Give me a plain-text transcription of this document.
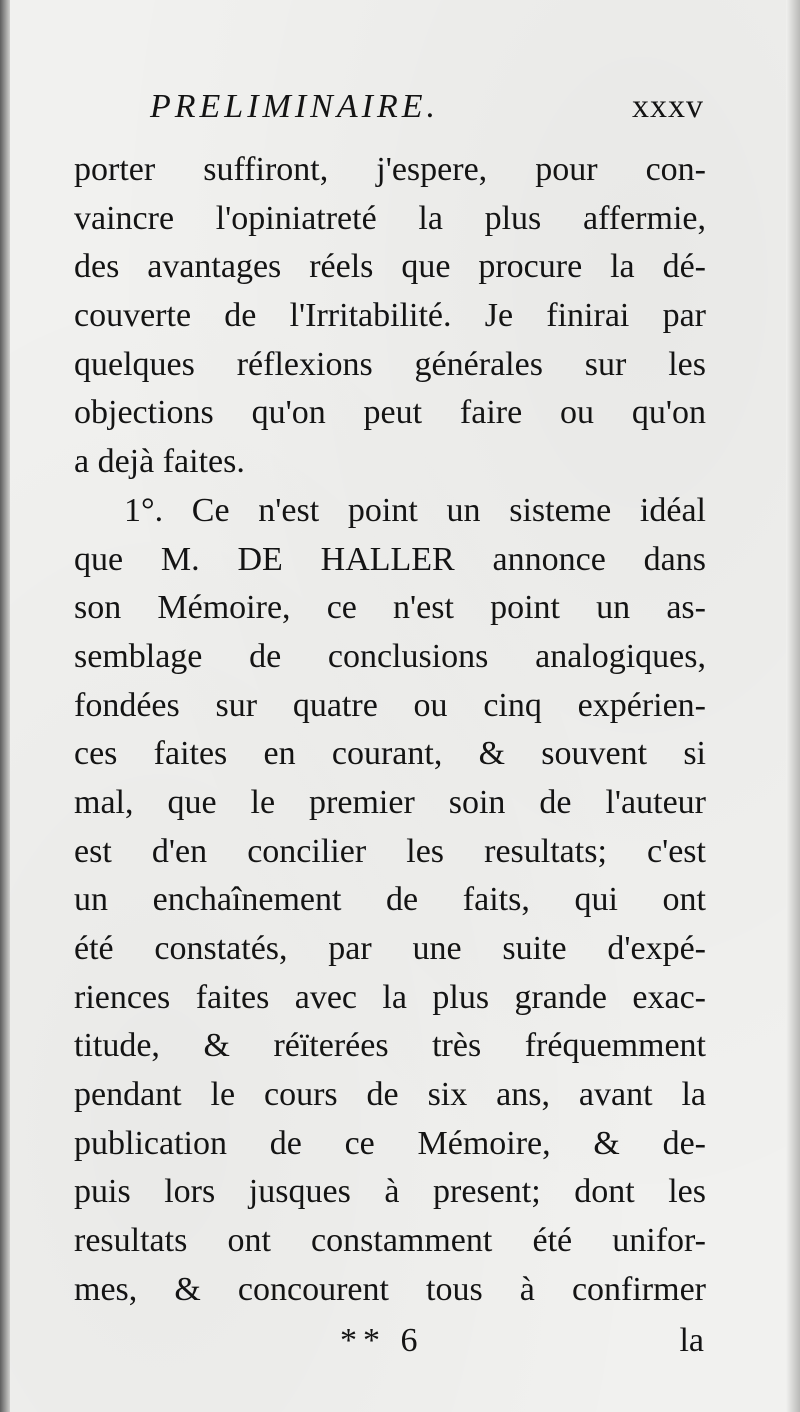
PRELIMINAIRE.	xxxv
porter suffiront, j'espere, pour con-
vaincre l'opiniatreté la plus affermie,
des avantages réels que procure la dé-
couverte de l'Irritabilité. Je finirai par
quelques réflexions générales sur les
objections qu'on peut faire ou qu'on
a dejà faites.
1°. Ce n'est point un sisteme idéal
que M. DE HALLER annonce dans
son Mémoire, ce n'est point un as-
semblage de conclusions analogiques,
fondées sur quatre ou cinq expérien-
ces faites en courant, & souvent si
mal, que le premier soin de l'auteur
est d'en concilier les resultats; c'est
un enchaînement de faits, qui ont
été constatés, par une suite d'expé-
riences faites avec la plus grande exac-
titude, & réïterées très fréquemment
pendant le cours de six ans, avant la
publication de ce Mémoire, & de-
puis lors jusques à present; dont les
resultats ont constamment été unifor-
mes, & concourent tous à confirmer
** 6	la
